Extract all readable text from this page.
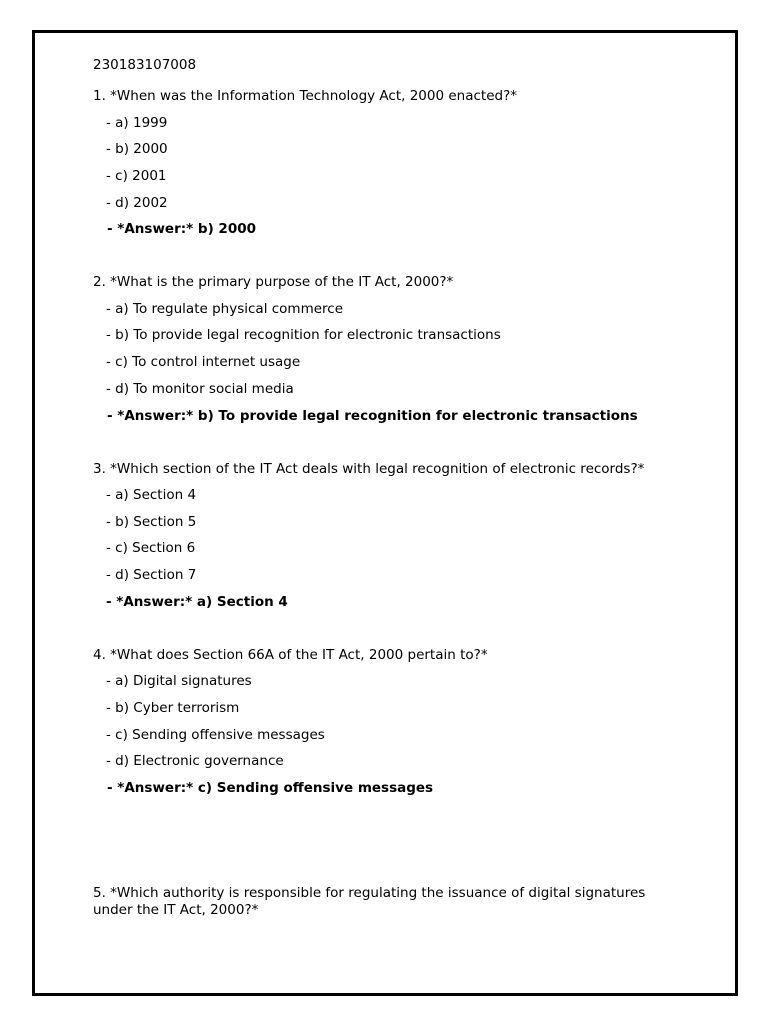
230183107008
1. *When was the Information Technology Act, 2000 enacted?*
- a) 1999
- b) 2000
- c) 2001
- d) 2002
- *Answer:* b) 2000
2. *What is the primary purpose of the IT Act, 2000?*
- a) To regulate physical commerce
- b) To provide legal recognition for electronic transactions
- c) To control internet usage
- d) To monitor social media
- *Answer:* b) To provide legal recognition for electronic transactions
3. *Which section of the IT Act deals with legal recognition of electronic records?*
- a) Section 4
- b) Section 5
- c) Section 6
- d) Section 7
- *Answer:* a) Section 4
4. *What does Section 66A of the IT Act, 2000 pertain to?*
- a) Digital signatures
- b) Cyber terrorism
- c) Sending offensive messages
- d) Electronic governance
- *Answer:* c) Sending offensive messages
5. *Which authority is responsible for regulating the issuance of digital signatures under the IT Act, 2000?*
